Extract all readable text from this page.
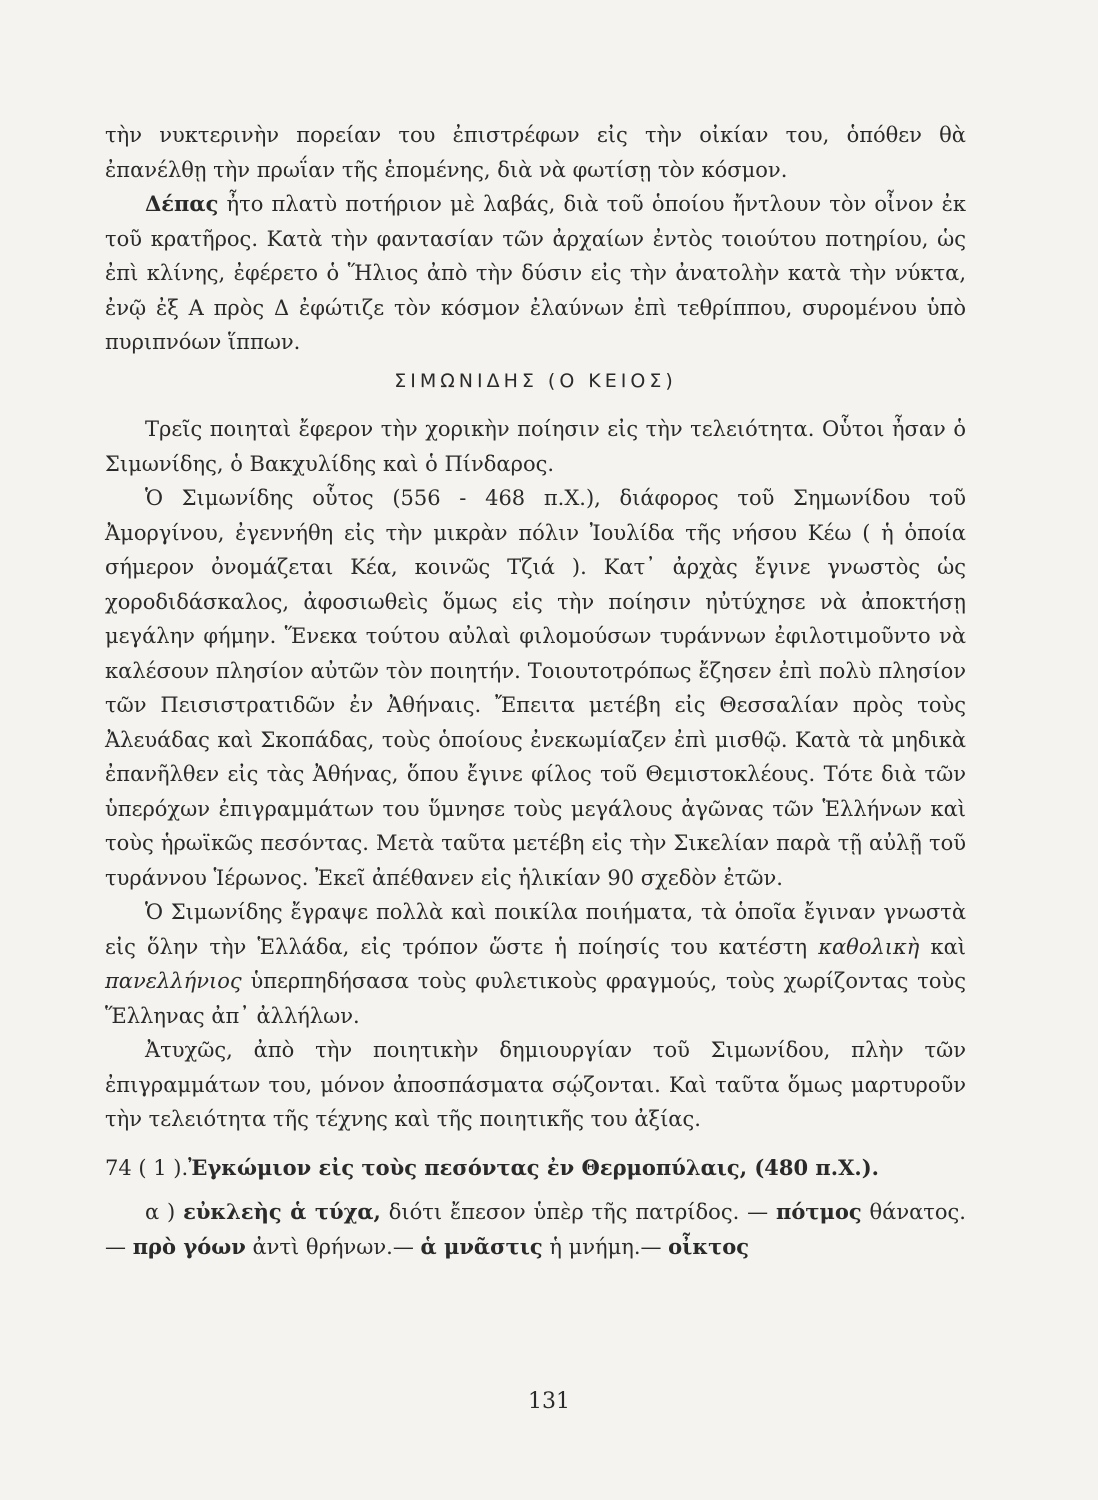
τὴν νυκτερινὴν πορείαν του ἐπιστρέφων εἰς τὴν οἰκίαν του, ὁπόθεν θὰ ἐπανέλθῃ τὴν πρωΐαν τῆς ἑπομένης, διὰ νὰ φωτίσῃ τὸν κόσμον.

Δέπας ἦτο πλατὺ ποτήριον μὲ λαβάς, διὰ τοῦ ὁποίου ἤντλουν τὸν οἶνον ἐκ τοῦ κρατῆρος. Κατὰ τὴν φαντασίαν τῶν ἀρχαίων ἐντὸς τοιούτου ποτηρίου, ὡς ἐπὶ κλίνης, ἐφέρετο ὁ Ἥλιος ἀπὸ τὴν δύσιν εἰς τὴν ἀνατολὴν κατὰ τὴν νύκτα, ἐνῷ ἐξ Α πρὸς Δ ἐφώτιζε τὸν κόσμον ἐλαύνων ἐπὶ τεθρίππου, συρομένου ὑπὸ πυριπνόων ἵππων.

ΣΙΜΩΝΙΔΗΣ (Ο ΚΕΙΟΣ)

Τρεῖς ποιηταὶ ἔφερον τὴν χορικὴν ποίησιν εἰς τὴν τελειότητα. Οὗτοι ἦσαν ὁ Σιμωνίδης, ὁ Βακχυλίδης καὶ ὁ Πίνδαρος.

Ὁ Σιμωνίδης οὗτος (556 - 468 π.Χ.), διάφορος τοῦ Σημωνίδου τοῦ Ἀμοργίνου, ἐγεννήθη εἰς τὴν μικρὰν πόλιν Ἰουλίδα τῆς νήσου Κέω ( ἡ ὁποία σήμερον ὀνομάζεται Κέα, κοινῶς Τζιά ). Κατ᾽ ἀρχὰς ἔγινε γνωστὸς ὡς χοροδιδάσκαλος, ἀφοσιωθεὶς ὅμως εἰς τὴν ποίησιν ηὐτύχησε νὰ ἀποκτήσῃ μεγάλην φήμην. Ἕνεκα τούτου αὐλαὶ φιλομούσων τυράννων ἐφιλοτιμοῦντο νὰ καλέσουν πλησίον αὐτῶν τὸν ποιητήν. Τοιουτοτρόπως ἔζησεν ἐπὶ πολὺ πλησίον τῶν Πεισιστρατιδῶν ἐν Ἀθήναις. Ἔπειτα μετέβη εἰς Θεσσαλίαν πρὸς τοὺς Ἀλευάδας καὶ Σκοπάδας, τοὺς ὁποίους ἐνεκωμίαζεν ἐπὶ μισθῷ. Κατὰ τὰ μηδικὰ ἐπανῆλθεν εἰς τὰς Ἀθήνας, ὅπου ἔγινε φίλος τοῦ Θεμιστοκλέους. Τότε διὰ τῶν ὑπερόχων ἐπιγραμμάτων του ὕμνησε τοὺς μεγάλους ἀγῶνας τῶν Ἑλλήνων καὶ τοὺς ἡρωϊκῶς πεσόντας. Μετὰ ταῦτα μετέβη εἰς τὴν Σικελίαν παρὰ τῇ αὐλῇ τοῦ τυράννου Ἱέρωνος. Ἐκεῖ ἀπέθανεν εἰς ἡλικίαν 90 σχεδὸν ἐτῶν.

Ὁ Σιμωνίδης ἔγραψε πολλὰ καὶ ποικίλα ποιήματα, τὰ ὁποῖα ἔγιναν γνωστὰ εἰς ὅλην τὴν Ἑλλάδα, εἰς τρόπον ὥστε ἡ ποίησίς του κατέστη καθολικὴ καὶ πανελλήνιος ὑπερπηδήσασα τοὺς φυλετικοὺς φραγμούς, τοὺς χωρίζοντας τοὺς Ἕλληνας ἀπ᾽ ἀλλήλων.

Ἀτυχῶς, ἀπὸ τὴν ποιητικὴν δημιουργίαν τοῦ Σιμωνίδου, πλὴν τῶν ἐπιγραμμάτων του, μόνον ἀποσπάσματα σῴζονται. Καὶ ταῦτα ὅμως μαρτυροῦν τὴν τελειότητα τῆς τέχνης καὶ τῆς ποιητικῆς του ἀξίας.

74 ( 1 ).Ἐγκώμιον εἰς τοὺς πεσόντας ἐν Θερμοπύλαις, (480 π.Χ.).

α ) εὐκλεὴς ἁ τύχα, διότι ἔπεσον ὑπὲρ τῆς πατρίδος. — πότμος θάνατος.— πρὸ γόων ἀντὶ θρήνων.— ἁ μνᾶστις ἡ μνήμη.— οἶκτος

131
